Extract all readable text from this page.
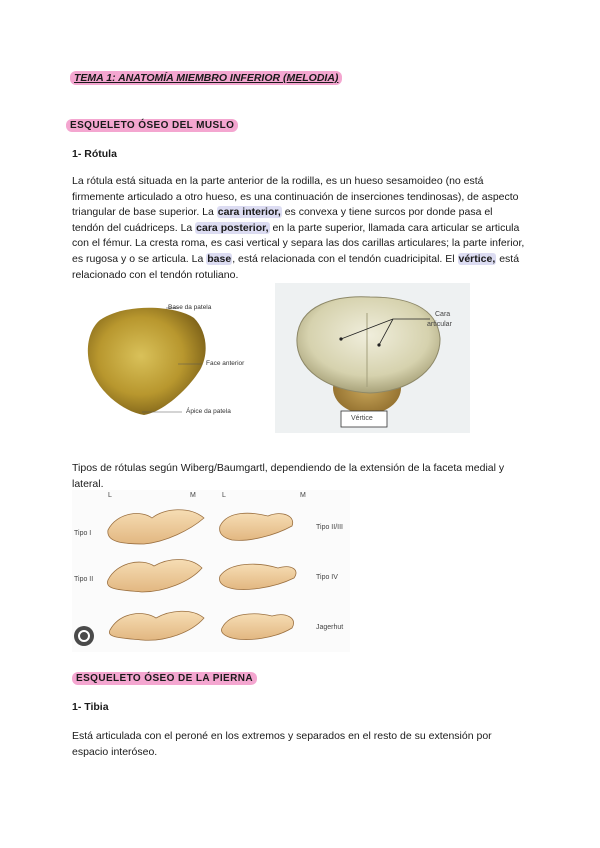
TEMA 1: ANATOMÍA MIEMBRO INFERIOR (MELODIA)
ESQUELETO ÓSEO DEL MUSLO
1- Rótula
La rótula está situada en la parte anterior de la rodilla, es un hueso sesamoideo (no está firmemente articulado a otro hueso, es una continuación de inserciones tendinosas), de aspecto triangular de base superior. La cara interior, es convexa y tiene surcos por donde pasa el tendón del cuádriceps. La cara posterior, en la parte superior, llamada cara articular se articula con el fémur. La cresta roma, es casi vertical y separa las dos carillas articulares; la parte inferior, es rugosa y o se articula. La base, está relacionada con el tendón cuadricipital. El vértice, está relacionado con el tendón rotuliano.
Base da patela
Face anterior
Ápice da patela
Cara
articular
Vértice
Tipos de rótulas según Wiberg/Baumgartl, dependiendo de la extensión de la faceta medial y lateral.
L	M	L	M
Tipo I
Tipo II
Tipo II/III
Tipo IV
Jagerhut
ESQUELETO ÓSEO DE LA PIERNA
1- Tibia
Está articulada con el peroné en los extremos y separados en el resto de su extensión por espacio interóseo.
